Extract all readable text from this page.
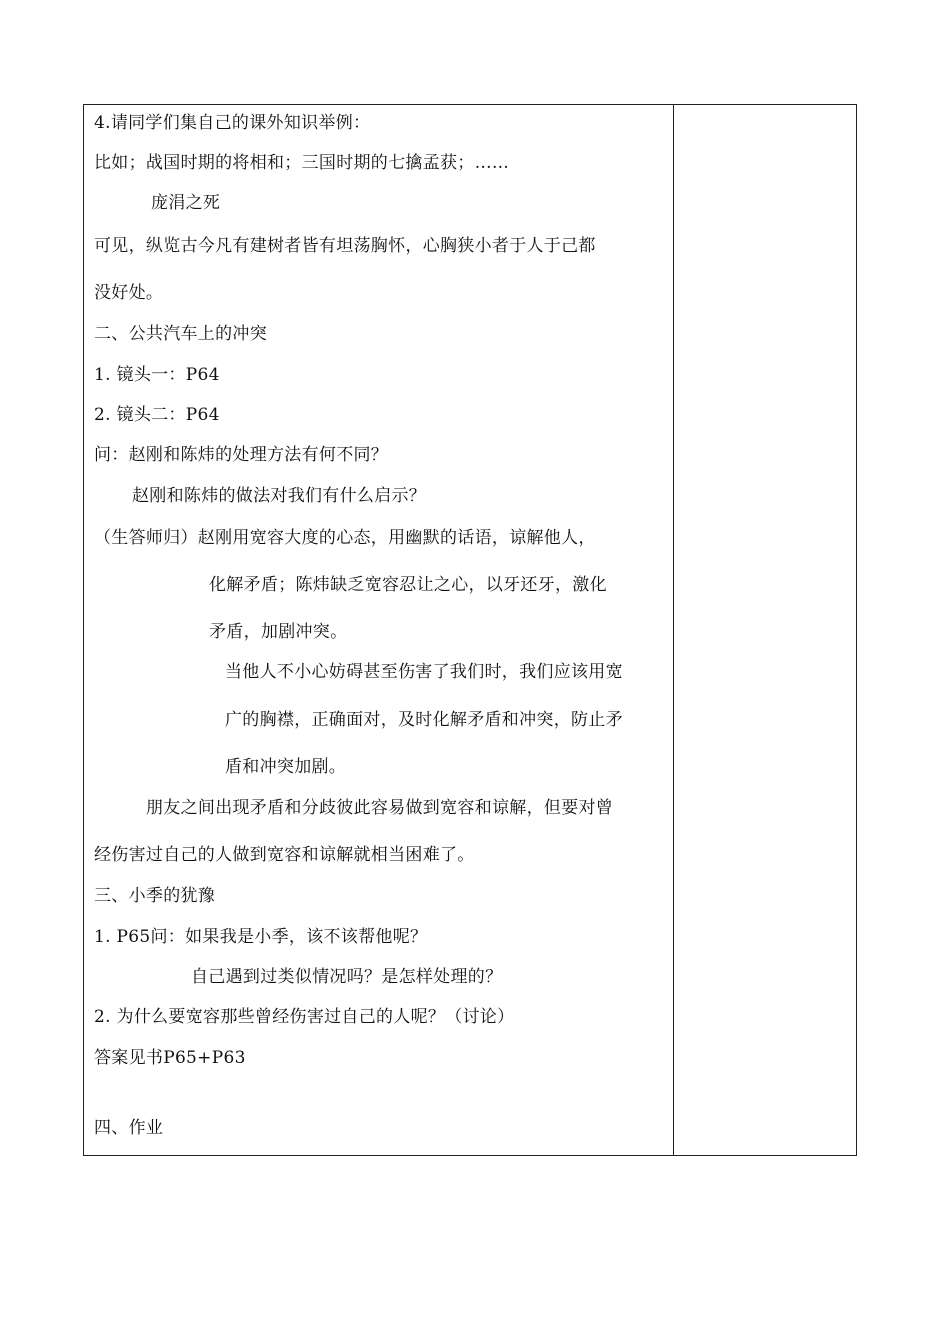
4.请同学们集自己的课外知识举例：
比如；战国时期的将相和；三国时期的七擒孟获；……
庞涓之死
可见，纵览古今凡有建树者皆有坦荡胸怀，心胸狭小者于人于己都
没好处。
二、公共汽车上的冲突
1. 镜头一：P64
2. 镜头二：P64
问：赵刚和陈炜的处理方法有何不同？
赵刚和陈炜的做法对我们有什么启示？
（生答师归）赵刚用宽容大度的心态，用幽默的话语，谅解他人，
化解矛盾；陈炜缺乏宽容忍让之心，以牙还牙，激化
矛盾，加剧冲突。
当他人不小心妨碍甚至伤害了我们时，我们应该用宽
广的胸襟，正确面对，及时化解矛盾和冲突，防止矛
盾和冲突加剧。
朋友之间出现矛盾和分歧彼此容易做到宽容和谅解，但要对曾
经伤害过自己的人做到宽容和谅解就相当困难了。
三、小季的犹豫
1. P65问：如果我是小季，该不该帮他呢？
自己遇到过类似情况吗？是怎样处理的？
2. 为什么要宽容那些曾经伤害过自己的人呢？（讨论）
答案见书P65+P63
四、作业
